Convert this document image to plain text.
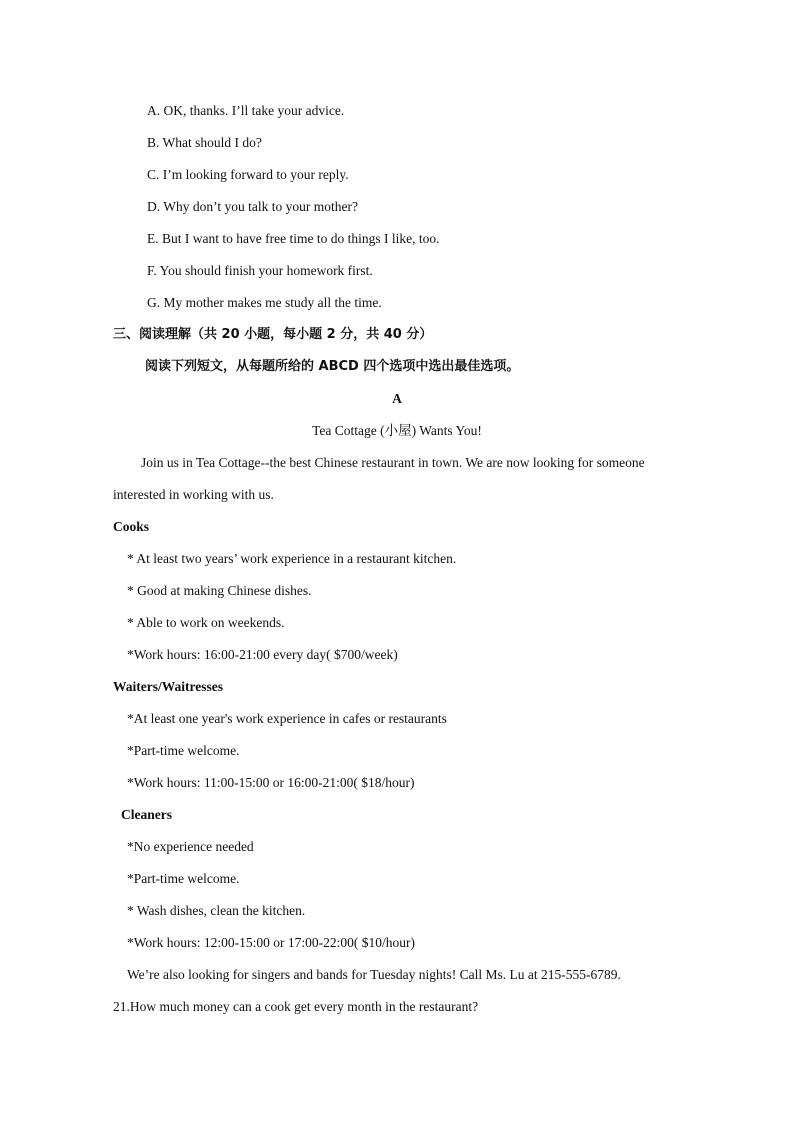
A. OK, thanks. I’ll take your advice.
B. What should I do?
C. I’m looking forward to your reply.
D. Why don’t you talk to your mother?
E. But I want to have free time to do things I like, too.
F. You should finish your homework first.
G. My mother makes me study all the time.
三、阅读理解（共 20 小题，每小题 2 分，共 40 分）
阅读下列短文，从每题所给的 ABCD 四个选项中选出最佳选项。
A
Tea Cottage (小屋) Wants You!
Join us in Tea Cottage--the best Chinese restaurant in town. We are now looking for someone
interested in working with us.
Cooks
* At least two years’ work experience in a restaurant kitchen.
* Good at making Chinese dishes.
* Able to work on weekends.
*Work hours: 16:00-21:00 every day( $700/week)
Waiters/Waitresses
*At least one year's work experience in cafes or restaurants
*Part-time welcome.
*Work hours: 11:00-15:00 or 16:00-21:00( $18/hour)
Cleaners
*No experience needed
*Part-time welcome.
* Wash dishes, clean the kitchen.
*Work hours: 12:00-15:00 or 17:00-22:00( $10/hour)
We’re also looking for singers and bands for Tuesday nights! Call Ms. Lu at 215-555-6789.
21.How much money can a cook get every month in the restaurant?
